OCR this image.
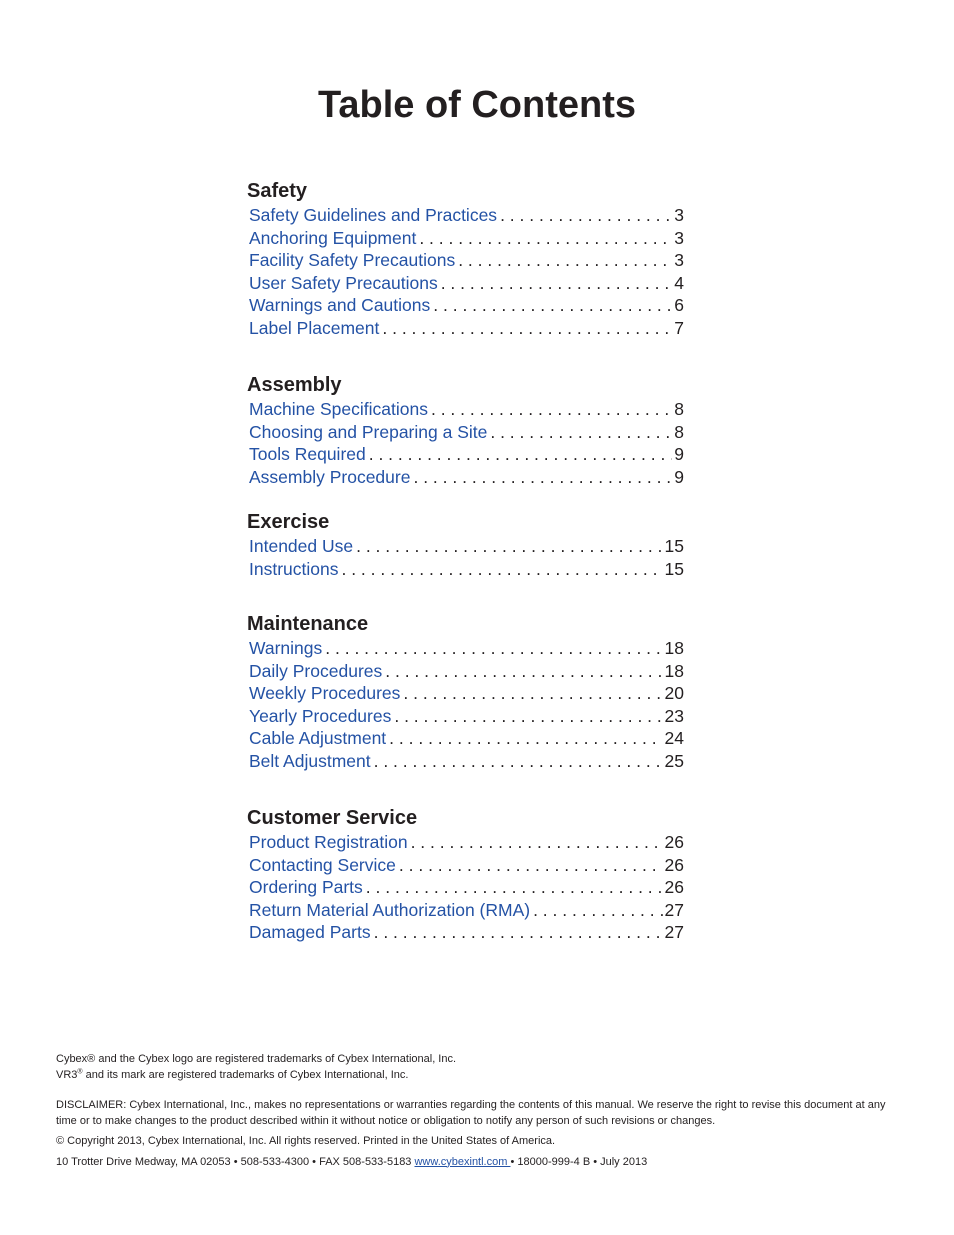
Table of Contents
Safety
Safety Guidelines and Practices . . .	3
Anchoring Equipment . . .	3
Facility Safety Precautions . . .	3
User Safety Precautions . . .	4
Warnings and Cautions . . .	6
Label Placement . . .	7
Assembly
Machine Specifications . . .	8
Choosing and Preparing a Site . . .	8
Tools Required . . .	9
Assembly Procedure . . .	9
Exercise
Intended Use . . .	15
Instructions . . .	15
Maintenance
Warnings . . .	18
Daily Procedures . . .	18
Weekly Procedures . . .	20
Yearly Procedures . . .	23
Cable Adjustment . . .	24
Belt Adjustment . . .	25
Customer Service
Product Registration . . .	26
Contacting Service . . .	26
Ordering Parts . . .	26
Return Material Authorization (RMA) . . .	27
Damaged Parts . . .	27

Cybex® and the Cybex logo are registered trademarks of Cybex International, Inc.

VR3® and its mark are registered trademarks of Cybex International, Inc.

DISCLAIMER: Cybex International, Inc., makes no representations or warranties regarding the contents of this manual. We reserve the right to revise this document at any time or to make changes to the product described within it without notice or obligation to notify any person of such revisions or changes.

© Copyright 2013, Cybex International, Inc. All rights reserved. Printed in the United States of America.

10 Trotter Drive Medway, MA 02053 • 508-533-4300 • FAX 508-533-5183 www.cybexintl.com • 18000-999-4 B • July 2013
